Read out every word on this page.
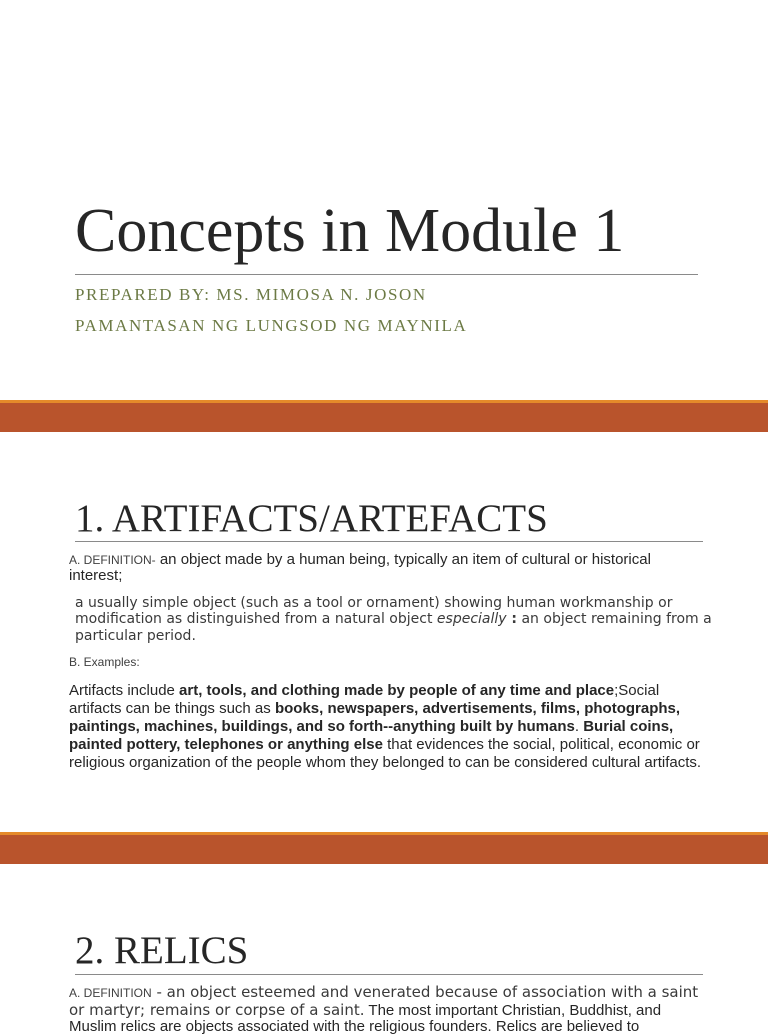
Concepts in Module 1

PREPARED BY: MS. MIMOSA N. JOSON

PAMANTASAN NG LUNGSOD NG MAYNILA

1. ARTIFACTS/ARTEFACTS

A. DEFINITION- an object made by a human being, typically an item of cultural or historical interest;

a usually simple object (such as a tool or ornament) showing human workmanship or modification as distinguished from a natural object especially : an object remaining from a particular period.

B. Examples:

Artifacts include art, tools, and clothing made by people of any time and place;Social artifacts can be things such as books, newspapers, advertisements, films, photographs, paintings, machines, buildings, and so forth--anything built by humans. Burial coins, painted pottery, telephones or anything else that evidences the social, political, economic or religious organization of the people whom they belonged to can be considered cultural artifacts.

2. RELICS

A. DEFINITION - an object esteemed and venerated because of association with a saint or martyr; remains or corpse of a saint. The most important Christian, Buddhist, and Muslim relics are objects associated with the religious founders. Relics are believed to
